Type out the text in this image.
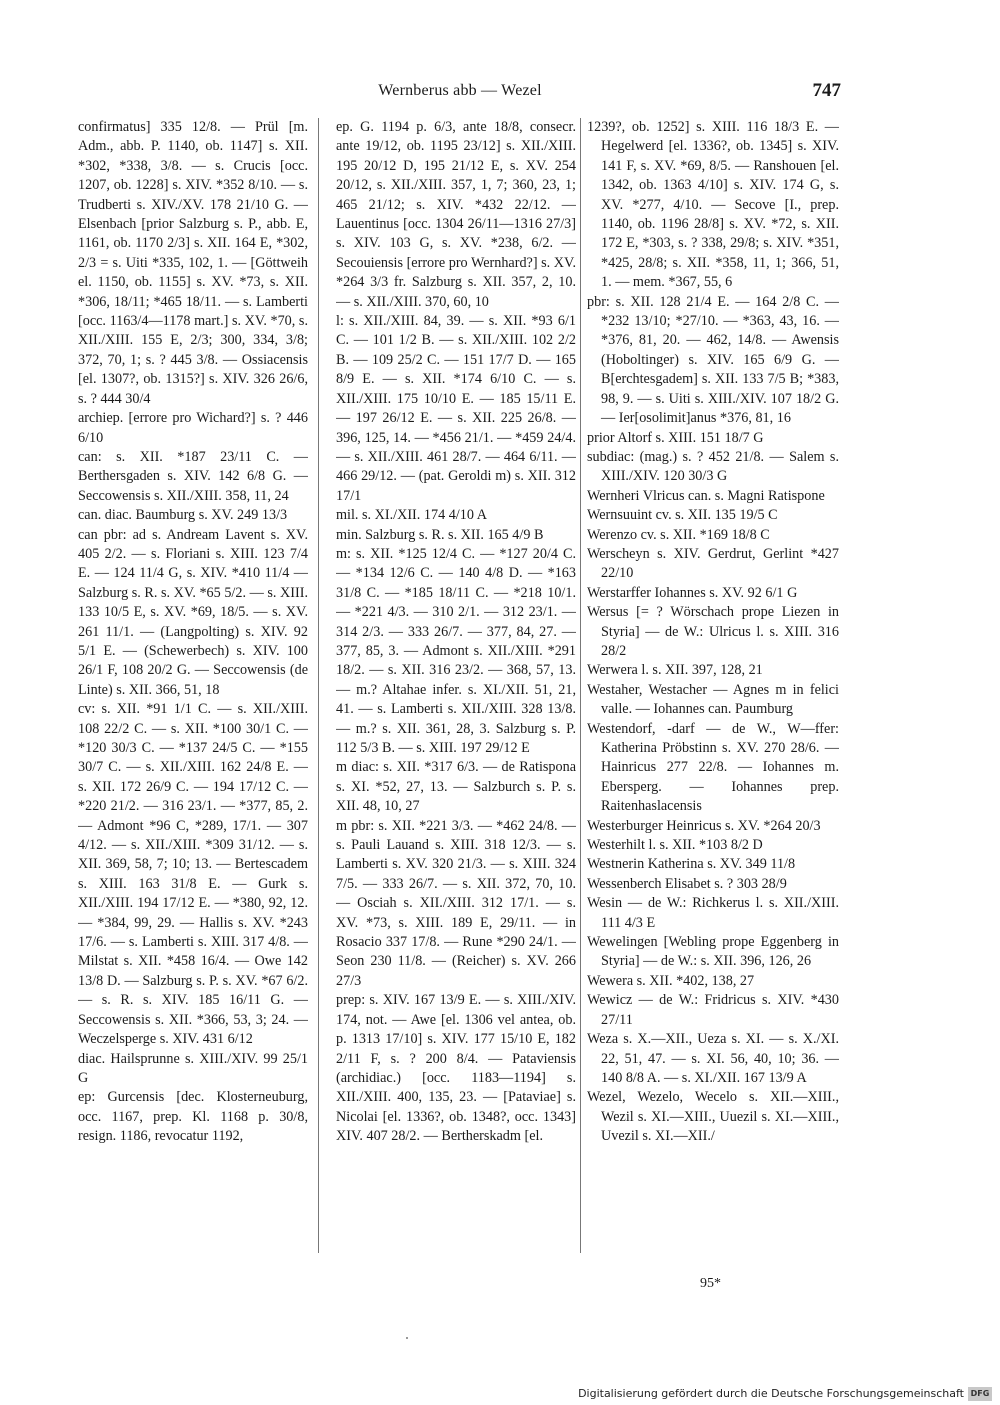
Wernberus abb — Wezel	747

confirmatus] 335 12/8. — Prül [m. Adm., abb. P. 1140, ob. 1147] s. XII. *302, *338, 3/8. — s. Crucis [occ. 1207, ob. 1228] s. XIV. *352 8/10. — s. Trudberti s. XIV./XV. 178 21/10 G. — Elsenbach [prior Salzburg s. P., abb. E, 1161, ob. 1170 2/3] s. XII. 164 E, *302, 2/3 = s. Uiti *335, 102, 1. — [Göttweih el. 1150, ob. 1155] s. XV. *73, s. XII. *306, 18/11; *465 18/11. — s. Lamberti [occ. 1163/4—1178 mart.] s. XV. *70, s. XII./XIII. 155 E, 2/3; 300, 334, 3/8; 372, 70, 1; s. ? 445 3/8. — Ossiacensis [el. 1307?, ob. 1315?] s. XIV. 326 26/6, s. ? 444 30/4

archiep. [errore pro Wichard?] s. ? 446 6/10

can: s. XII. *187 23/11 C. — Berthersgaden s. XIV. 142 6/8 G. — Seccowensis s. XII./XIII. 358, 11, 24

can. diac. Baumburg s. XV. 249 13/3

can pbr: ad s. Andream Lavent s. XV. 405 2/2. — s. Floriani s. XIII. 123 7/4 E. — 124 11/4 G, s. XIV. *410 11/4 — Salzburg s. R. s. XV. *65 5/2. — s. XIII. 133 10/5 E, s. XV. *69, 18/5. — s. XV. 261 11/1. — (Langpolting) s. XIV. 92 5/1 E. — (Schewerbech) s. XIV. 100 26/1 F, 108 20/2 G. — Seccowensis (de Linte) s. XII. 366, 51, 18

cv: s. XII. *91 1/1 C. — s. XII./XIII. 108 22/2 C. — s. XII. *100 30/1 C. — *120 30/3 C. — *137 24/5 C. — *155 30/7 C. — s. XII./XIII. 162 24/8 E. — s. XII. 172 26/9 C. — 194 17/12 C. — *220 21/2. — 316 23/1. — *377, 85, 2. — Admont *96 C, *289, 17/1. — 307 4/12. — s. XII./XIII. *309 31/12. — s. XII. 369, 58, 7; 10; 13. — Bertescadem s. XIII. 163 31/8 E. — Gurk s. XII./XIII. 194 17/12 E. — *380, 92, 12. — *384, 99, 29. — Hallis s. XV. *243 17/6. — s. Lamberti s. XIII. 317 4/8. — Milstat s. XII. *458 16/4. — Owe 142 13/8 D. — Salzburg s. P. s. XV. *67 6/2. — s. R. s. XIV. 185 16/11 G. — Seccowensis s. XII. *366, 53, 3; 24. — Weczelsperge s. XIV. 431 6/12

diac. Hailsprunne s. XIII./XIV. 99 25/1 G

ep: Gurcensis [dec. Klosterneuburg, occ. 1167, prep. Kl. 1168 p. 30/8, resign. 1186, revocatur 1192,

ep. G. 1194 p. 6/3, ante 18/8, consecr. ante 19/12, ob. 1195 23/12] s. XII./XIII. 195 20/12 D, 195 21/12 E, s. XV. 254 20/12, s. XII./XIII. 357, 1, 7; 360, 23, 1; 465 21/12; s. XIV. *432 22/12. — Lauentinus [occ. 1304 26/11—1316 27/3] s. XIV. 103 G, s. XV. *238, 6/2. — Secouiensis [errore pro Wernhard?] s. XV. *264 3/3 fr. Salzburg s. XII. 357, 2, 10. — s. XII./XIII. 370, 60, 10

l: s. XII./XIII. 84, 39. — s. XII. *93 6/1 C. — 101 1/2 B. — s. XII./XIII. 102 2/2 B. — 109 25/2 C. — 151 17/7 D. — 165 8/9 E. — s. XII. *174 6/10 C. — s. XII./XIII. 175 10/10 E. — 185 15/11 E. — 197 26/12 E. — s. XII. 225 26/8. — 396, 125, 14. — *456 21/1. — *459 24/4. — s. XII./XIII. 461 28/7. — 464 6/11. — 466 29/12. — (pat. Geroldi m) s. XII. 312 17/1

mil. s. XI./XII. 174 4/10 A

min. Salzburg s. R. s. XII. 165 4/9 B

m: s. XII. *125 12/4 C. — *127 20/4 C. — *134 12/6 C. — 140 4/8 D. — *163 31/8 C. — *185 18/11 C. — *218 10/1. — *221 4/3. — 310 2/1. — 312 23/1. — 314 2/3. — 333 26/7. — 377, 84, 27. — 377, 85, 3. — Admont s. XII./XIII. *291 18/2. — s. XII. 316 23/2. — 368, 57, 13. — m.? Altahae infer. s. XI./XII. 51, 21, 41. — s. Lamberti s. XII./XIII. 328 13/8. — m.? s. XII. 361, 28, 3. Salzburg s. P. 112 5/3 B. — s. XIII. 197 29/12 E

m diac: s. XII. *317 6/3. — de Ratispona s. XI. *52, 27, 13. — Salzburch s. P. s. XII. 48, 10, 27

m pbr: s. XII. *221 3/3. — *462 24/8. — s. Pauli Lauand s. XIII. 318 12/3. — s. Lamberti s. XV. 320 21/3. — s. XIII. 324 7/5. — 333 26/7. — s. XII. 372, 70, 10. — Osciah s. XII./XIII. 312 17/1. — s. XV. *73, s. XIII. 189 E, 29/11. — in Rosacio 337 17/8. — Rune *290 24/1. — Seon 230 11/8. — (Reicher) s. XV. 266 27/3

prep: s. XIV. 167 13/9 E. — s. XIII./XIV. 174, not. — Awe [el. 1306 vel antea, ob. p. 1313 17/10] s. XIV. 177 15/10 E, 182 2/11 F, s. ? 200 8/4. — Pataviensis (archidiac.) [occ. 1183—1194] s. XII./XIII. 400, 135, 23. — [Pataviae] s. Nicolai [el. 1336?, ob. 1348?, occ. 1343] XIV. 407 28/2. — Bertherskadm [el.

1239?, ob. 1252] s. XIII. 116 18/3 E. — Hegelwerd [el. 1336?, ob. 1345] s. XIV. 141 F, s. XV. *69, 8/5. — Ranshouen [el. 1342, ob. 1363 4/10] s. XIV. 174 G, s. XV. *277, 4/10. — Secove [I., prep. 1140, ob. 1196 28/8] s. XV. *72, s. XII. 172 E, *303, s. ? 338, 29/8; s. XIV. *351, *425, 28/8; s. XII. *358, 11, 1; 366, 51, 1. — mem. *367, 55, 6

pbr: s. XII. 128 21/4 E. — 164 2/8 C. — *232 13/10; *27/10. — *363, 43, 16. — *376, 81, 20. — 462, 14/8. — Awensis (Hoboltinger) s. XIV. 165 6/9 G. — B[erchtesgadem] s. XII. 133 7/5 B; *383, 98, 9. — s. Uiti s. XIII./XIV. 107 18/2 G. — Ier[osolimit]anus *376, 81, 16

prior Altorf s. XIII. 151 18/7 G

subdiac: (mag.) s. ? 452 21/8. — Salem s. XIII./XIV. 120 30/3 G

Wernheri Vlricus can. s. Magni Ratispone

Wernsuuint cv. s. XII. 135 19/5 C

Werenzo cv. s. XII. *169 18/8 C

Werscheyn s. XIV. Gerdrut, Gerlint *427 22/10

Werstarffer Iohannes s. XV. 92 6/1 G

Wersus [= ? Wörschach prope Liezen in Styria] — de W.: Ulricus l. s. XIII. 316 28/2

Werwera l. s. XII. 397, 128, 21

Westaher, Westacher — Agnes m in felici valle. — Iohannes can. Paumburg

Westendorf, -darf — de W., W—ffer: Katherina Pröbstinn s. XV. 270 28/6. — Hainricus 277 22/8. — Iohannes m. Ebersperg. — Iohannes prep. Raitenhaslacensis

Westerburger Heinricus s. XV. *264 20/3

Westerhilt l. s. XII. *103 8/2 D

Westnerin Katherina s. XV. 349 11/8

Wessenberch Elisabet s. ? 303 28/9

Wesin — de W.: Richkerus l. s. XII./XIII. 111 4/3 E

Wewelingen [Webling prope Eggenberg in Styria] — de W.: s. XII. 396, 126, 26

Wewera s. XII. *402, 138, 27

Wewicz — de W.: Fridricus s. XIV. *430 27/11

Weza s. X.—XII., Ueza s. XI. — s. X./XI. 22, 51, 47. — s. XI. 56, 40, 10; 36. — 140 8/8 A. — s. XI./XII. 167 13/9 A

Wezel, Wezelo, Wecelo s. XII.—XIII., Wezil s. XI.—XIII., Uuezil s. XI.—XIII., Uvezil s. XI.—XII./

95*
Digitalisierung gefördert durch die Deutsche Forschungsgemeinschaft DFG
